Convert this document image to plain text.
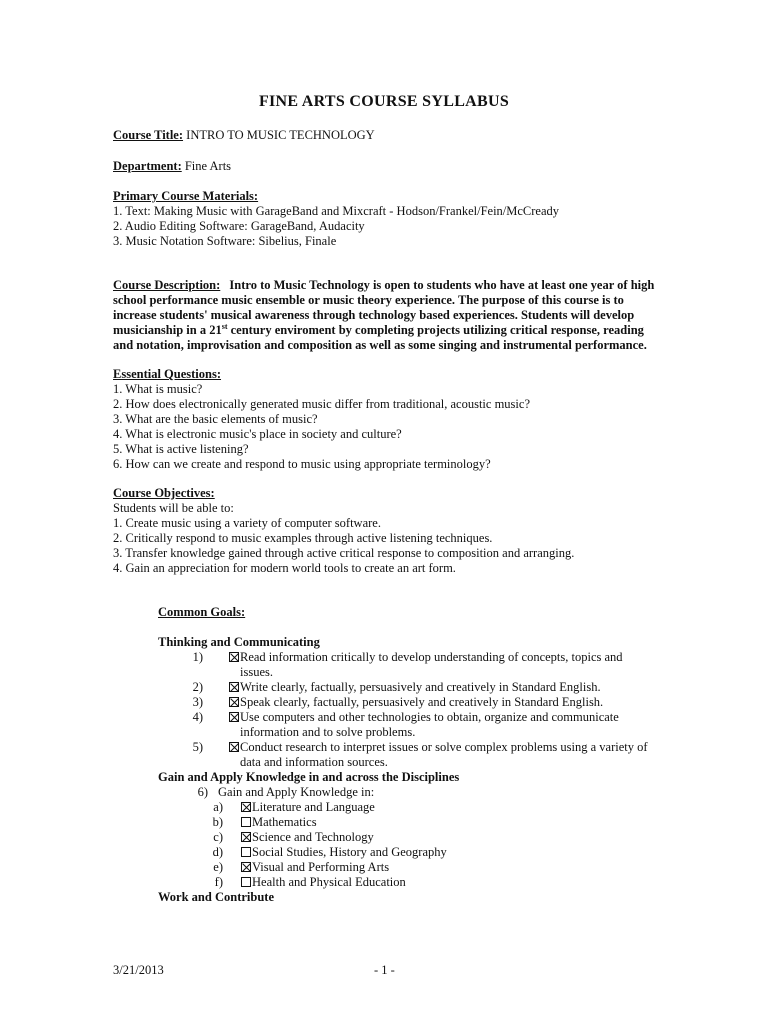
FINE ARTS COURSE SYLLABUS
Course Title: INTRO TO MUSIC TECHNOLOGY
Department: Fine Arts
Primary Course Materials:
1. Text: Making Music with GarageBand and Mixcraft - Hodson/Frankel/Fein/McCready
2. Audio Editing Software: GarageBand, Audacity
3. Music Notation Software: Sibelius, Finale
Course Description: Intro to Music Technology is open to students who have at least one year of high school performance music ensemble or music theory experience. The purpose of this course is to increase students' musical awareness through technology based experiences. Students will develop musicianship in a 21st century enviroment by completing projects utilizing critical response, reading and notation, improvisation and composition as well as some singing and instrumental performance.
Essential Questions:
1. What is music?
2. How does electronically generated music differ from traditional, acoustic music?
3. What are the basic elements of music?
4. What is electronic music's place in society and culture?
5. What is active listening?
6. How can we create and respond to music using appropriate terminology?
Course Objectives:
Students will be able to:
1. Create music using a variety of computer software.
2. Critically respond to music examples through active listening techniques.
3. Transfer knowledge gained through active critical response to composition and arranging.
4. Gain an appreciation for modern world tools to create an art form.
Common Goals:
Thinking and Communicating
1)	Read information critically to develop understanding of concepts, topics and
issues.
2)	Write clearly, factually, persuasively and creatively in Standard English.
3)	Speak clearly, factually, persuasively and creatively in Standard English.
4)	Use computers and other technologies to obtain, organize and communicate
information and to solve problems.
5)	Conduct research to interpret issues or solve complex problems using a variety of
data and information sources.
Gain and Apply Knowledge in and across the Disciplines
6) Gain and Apply Knowledge in:
a) Literature and Language
b) Mathematics
c) Science and Technology
d) Social Studies, History and Geography
e) Visual and Performing Arts
f) Health and Physical Education
Work and Contribute
3/21/2013	- 1 -
